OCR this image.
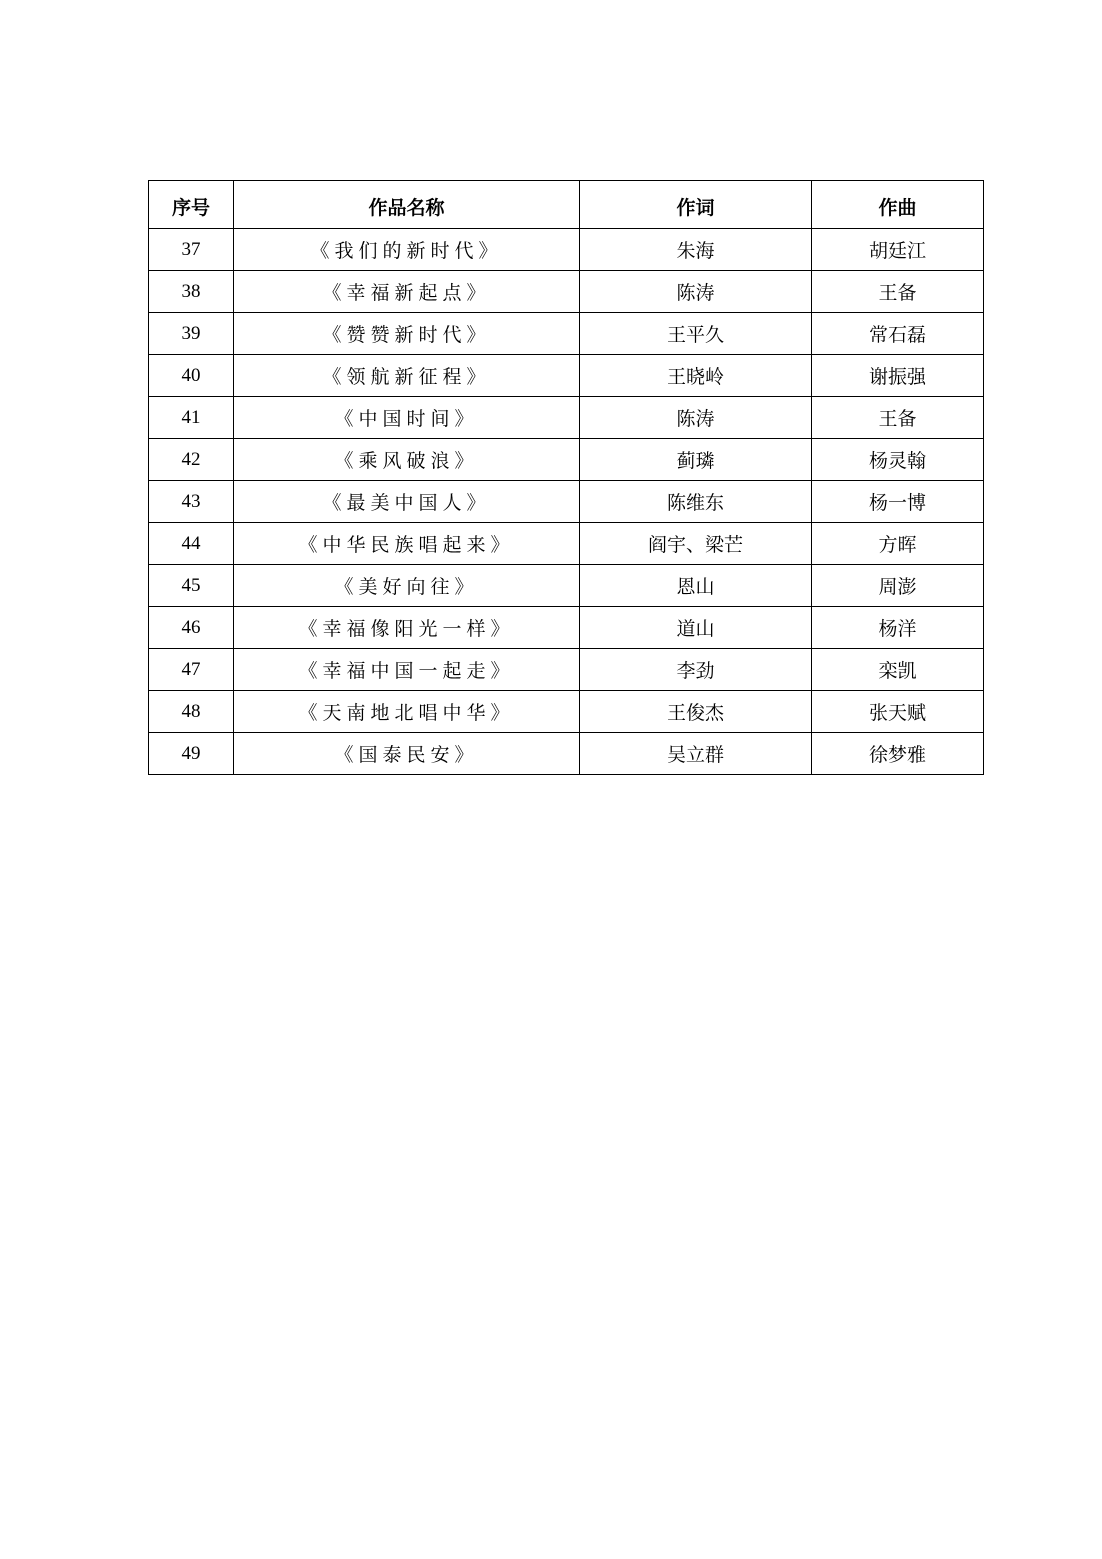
序号	作品名称	作词	作曲
37	《我们的新时代》	朱海	胡廷江
38	《幸福新起点》	陈涛	王备
39	《赞赞新时代》	王平久	常石磊
40	《领航新征程》	王晓岭	谢振强
41	《中国时间》	陈涛	王备
42	《乘风破浪》	蓟璘	杨灵翰
43	《最美中国人》	陈维东	杨一博
44	《中华民族唱起来》	阎宇、梁芒	方晖
45	《美好向往》	恩山	周澎
46	《幸福像阳光一样》	道山	杨洋
47	《幸福中国一起走》	李劲	栾凯
48	《天南地北唱中华》	王俊杰	张天赋
49	《国泰民安》	吴立群	徐梦雅
